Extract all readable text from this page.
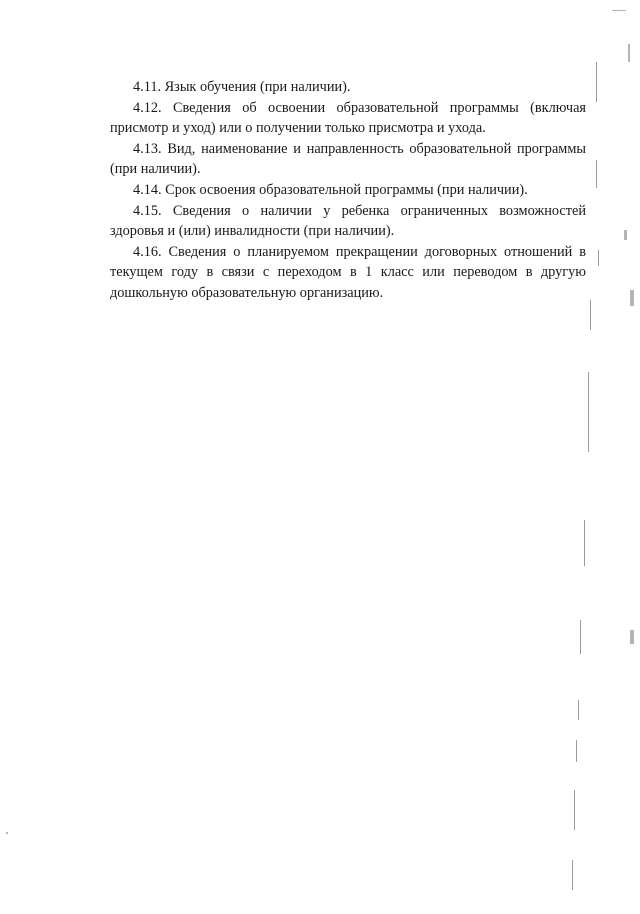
4.11. Язык обучения (при наличии).

4.12. Сведения об освоении образовательной программы (включая присмотр и уход) или о получении только присмотра и ухода.

4.13. Вид, наименование и направленность образовательной программы (при наличии).

4.14. Срок освоения образовательной программы (при наличии).

4.15. Сведения о наличии у ребенка ограниченных возможностей здоровья и (или) инвалидности (при наличии).

4.16. Сведения о планируемом прекращении договорных отношений в текущем году в связи с переходом в 1 класс или переводом в другую дошкольную образовательную организацию.
